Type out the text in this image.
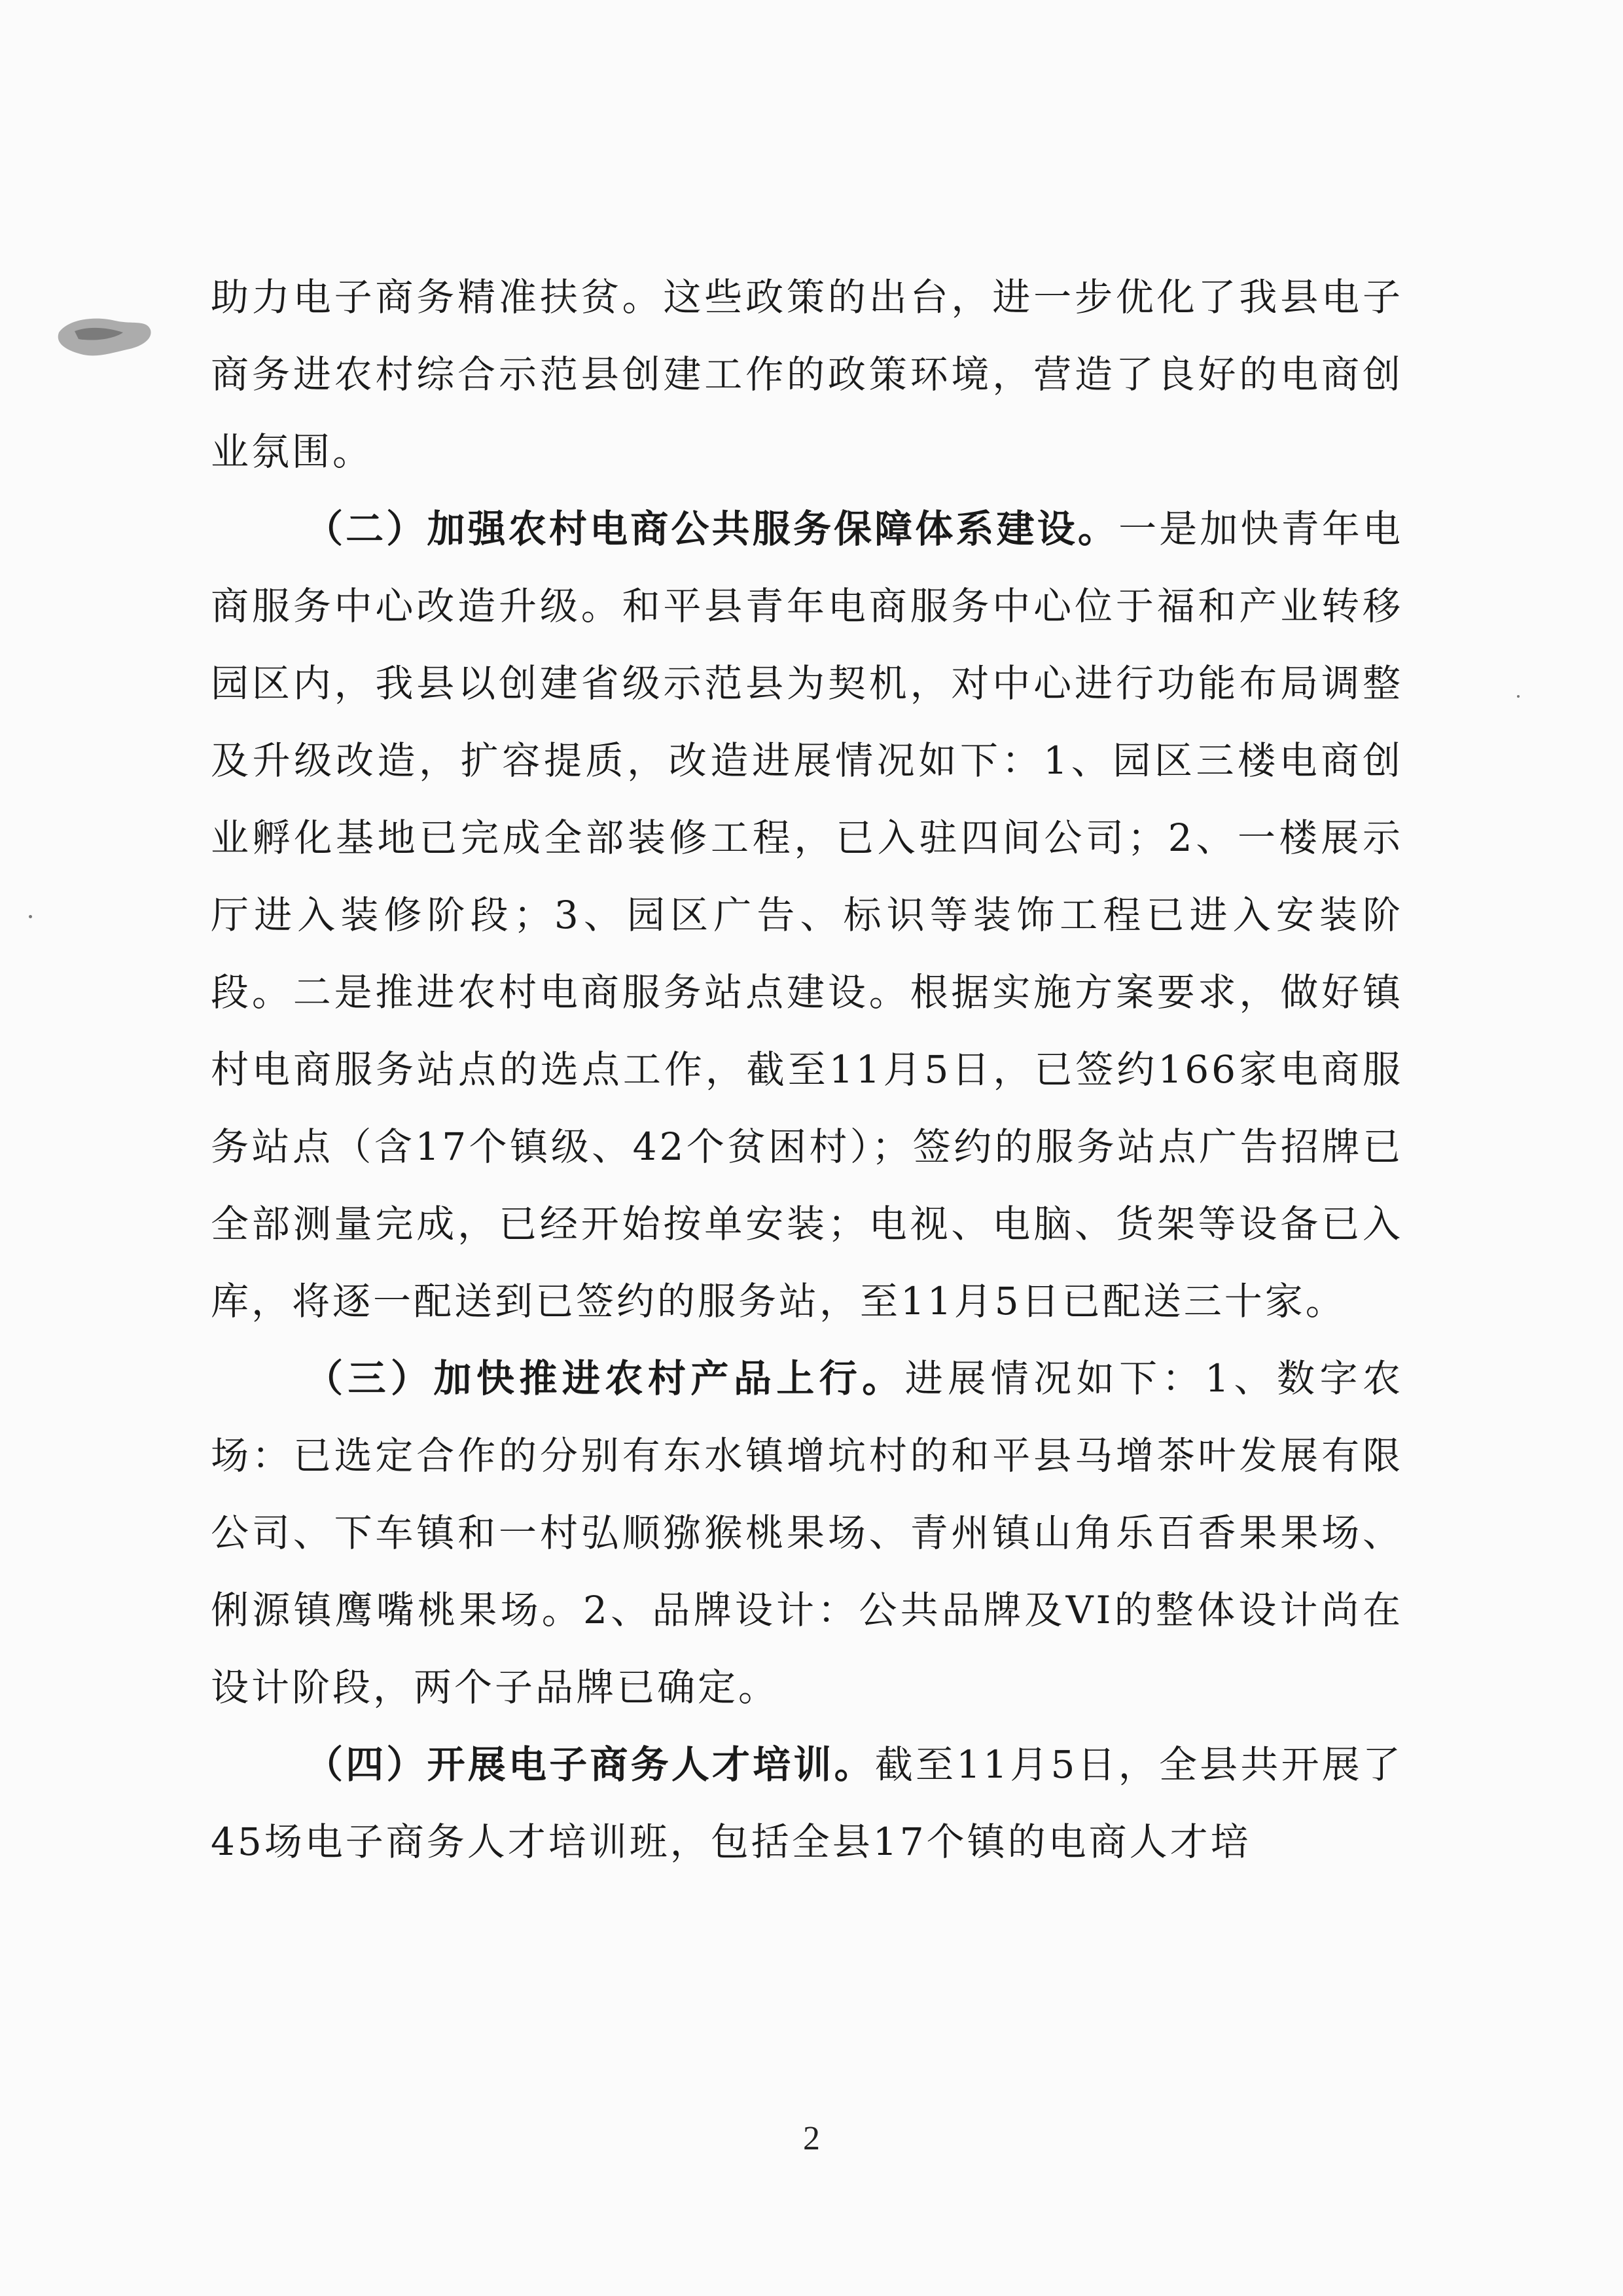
助力电子商务精准扶贫。这些政策的出台，进一步优化了我县电子商务进农村综合示范县创建工作的政策环境，营造了良好的电商创业氛围。

（二）加强农村电商公共服务保障体系建设。一是加快青年电商服务中心改造升级。和平县青年电商服务中心位于福和产业转移园区内，我县以创建省级示范县为契机，对中心进行功能布局调整及升级改造，扩容提质，改造进展情况如下：1、园区三楼电商创业孵化基地已完成全部装修工程，已入驻四间公司；2、一楼展示厅进入装修阶段；3、园区广告、标识等装饰工程已进入安装阶段。二是推进农村电商服务站点建设。根据实施方案要求，做好镇村电商服务站点的选点工作，截至11月5日，已签约166家电商服务站点（含17个镇级、42个贫困村）；签约的服务站点广告招牌已全部测量完成，已经开始按单安装；电视、电脑、货架等设备已入库，将逐一配送到已签约的服务站，至11月5日已配送三十家。

（三）加快推进农村产品上行。进展情况如下：1、数字农场：已选定合作的分别有东水镇增坑村的和平县马增茶叶发展有限公司、下车镇和一村弘顺猕猴桃果场、青州镇山角乐百香果果场、俐源镇鹰嘴桃果场。2、品牌设计：公共品牌及VI的整体设计尚在设计阶段，两个子品牌已确定。

（四）开展电子商务人才培训。截至11月5日，全县共开展了45场电子商务人才培训班，包括全县17个镇的电商人才培

2
